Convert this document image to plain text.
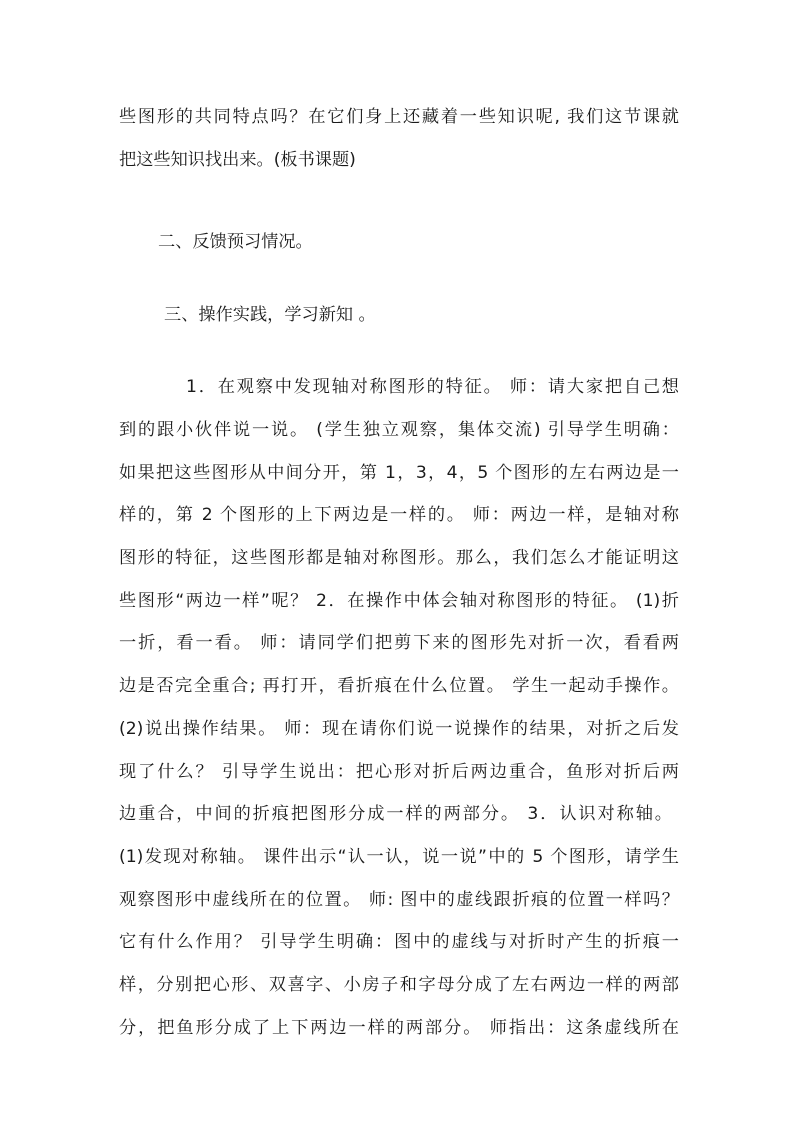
些图形的共同特点吗？在它们身上还藏着一些知识呢, 我们这节课就
把这些知识找出来。(板书课题)
二、反馈预习情况。
三、操作实践，学习新知 。
1．在观察中发现轴对称图形的特征。 师：请大家把自己想
到的跟小伙伴说一说。 (学生独立观察，集体交流) 引导学生明确：
如果把这些图形从中间分开，第 1，3，4，5 个图形的左右两边是一
样的，第 2 个图形的上下两边是一样的。 师：两边一样，是轴对称
图形的特征，这些图形都是轴对称图形。那么，我们怎么才能证明这
些图形“两边一样”呢？ 2．在操作中体会轴对称图形的特征。 (1)折
一折，看一看。 师：请同学们把剪下来的图形先对折一次，看看两
边是否完全重合; 再打开，看折痕在什么位置。 学生一起动手操作。
(2)说出操作结果。 师：现在请你们说一说操作的结果，对折之后发
现了什么？ 引导学生说出：把心形对折后两边重合，鱼形对折后两
边重合，中间的折痕把图形分成一样的两部分。 3．认识对称轴。
(1)发现对称轴。 课件出示“认一认，说一说”中的 5 个图形，请学生
观察图形中虚线所在的位置。 师: 图中的虚线跟折痕的位置一样吗？
它有什么作用？ 引导学生明确：图中的虚线与对折时产生的折痕一
样，分别把心形、双喜字、小房子和字母分成了左右两边一样的两部
分，把鱼形分成了上下两边一样的两部分。 师指出：这条虚线所在
